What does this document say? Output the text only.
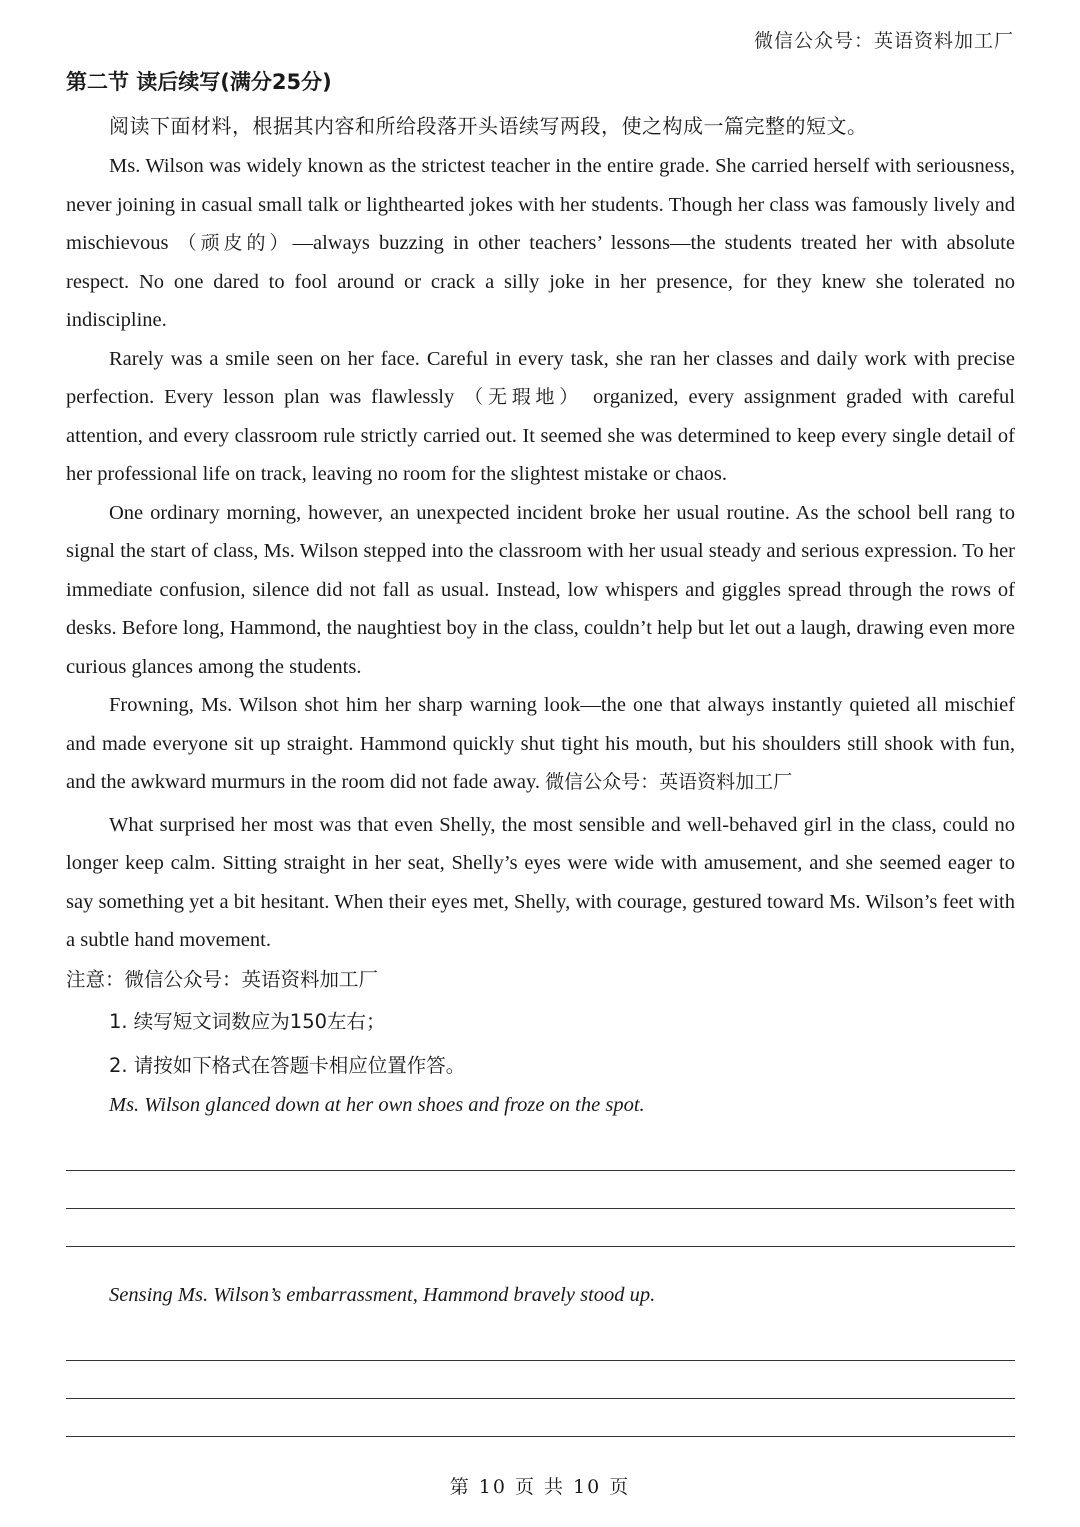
微信公众号：英语资料加工厂
第二节 读后续写(满分25分)
阅读下面材料，根据其内容和所给段落开头语续写两段，使之构成一篇完整的短文。

Ms. Wilson was widely known as the strictest teacher in the entire grade. She carried herself with seriousness, never joining in casual small talk or lighthearted jokes with her students. Though her class was famously lively and mischievous （顽皮的）—always buzzing in other teachers’ lessons—the students treated her with absolute respect. No one dared to fool around or crack a silly joke in her presence, for they knew she tolerated no indiscipline.

Rarely was a smile seen on her face. Careful in every task, she ran her classes and daily work with precise perfection. Every lesson plan was flawlessly （无瑕地） organized, every assignment graded with careful attention, and every classroom rule strictly carried out. It seemed she was determined to keep every single detail of her professional life on track, leaving no room for the slightest mistake or chaos.

One ordinary morning, however, an unexpected incident broke her usual routine. As the school bell rang to signal the start of class, Ms. Wilson stepped into the classroom with her usual steady and serious expression. To her immediate confusion, silence did not fall as usual. Instead, low whispers and giggles spread through the rows of desks. Before long, Hammond, the naughtiest boy in the class, couldn’t help but let out a laugh, drawing even more curious glances among the students.

Frowning, Ms. Wilson shot him her sharp warning look—the one that always instantly quieted all mischief and made everyone sit up straight. Hammond quickly shut tight his mouth, but his shoulders still shook with fun, and the awkward murmurs in the room did not fade away. 微信公众号：英语资料加工厂

What surprised her most was that even Shelly, the most sensible and well-behaved girl in the class, could no longer keep calm. Sitting straight in her seat, Shelly’s eyes were wide with amusement, and she seemed eager to say something yet a bit hesitant. When their eyes met, Shelly, with courage, gestured toward Ms. Wilson’s feet with a subtle hand movement.

注意：微信公众号：英语资料加工厂
1. 续写短文词数应为150左右；
2. 请按如下格式在答题卡相应位置作答。
Ms. Wilson glanced down at her own shoes and froze on the spot.
Sensing Ms. Wilson’s embarrassment, Hammond bravely stood up.
第 10 页 共 10 页
